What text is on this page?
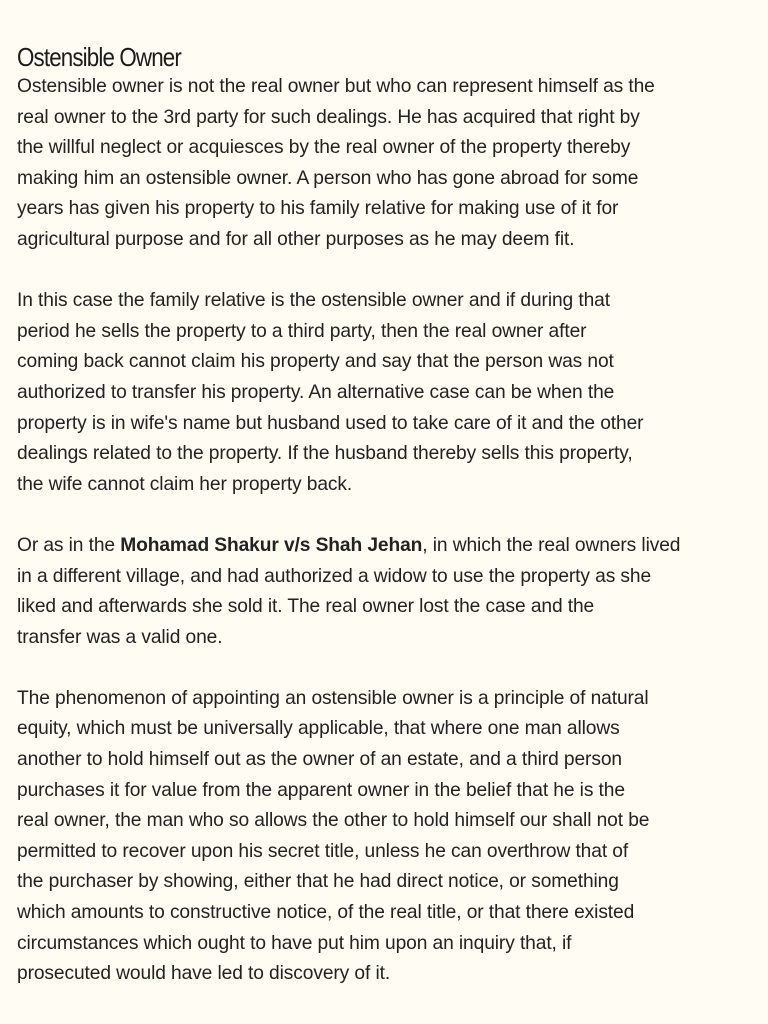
Ostensible Owner

Ostensible owner is not the real owner but who can represent himself as the
real owner to the 3rd party for such dealings. He has acquired that right by
the willful neglect or acquiesces by the real owner of the property thereby
making him an ostensible owner. A person who has gone abroad for some
years has given his property to his family relative for making use of it for
agricultural purpose and for all other purposes as he may deem fit.

In this case the family relative is the ostensible owner and if during that
period he sells the property to a third party, then the real owner after
coming back cannot claim his property and say that the person was not
authorized to transfer his property. An alternative case can be when the
property is in wife's name but husband used to take care of it and the other
dealings related to the property. If the husband thereby sells this property,
the wife cannot claim her property back.

Or as in the Mohamad Shakur v/s Shah Jehan, in which the real owners lived
in a different village, and had authorized a widow to use the property as she
liked and afterwards she sold it. The real owner lost the case and the
transfer was a valid one.

The phenomenon of appointing an ostensible owner is a principle of natural
equity, which must be universally applicable, that where one man allows
another to hold himself out as the owner of an estate, and a third person
purchases it for value from the apparent owner in the belief that he is the
real owner, the man who so allows the other to hold himself our shall not be
permitted to recover upon his secret title, unless he can overthrow that of
the purchaser by showing, either that he had direct notice, or something
which amounts to constructive notice, of the real title, or that there existed
circumstances which ought to have put him upon an inquiry that, if
prosecuted would have led to discovery of it.
